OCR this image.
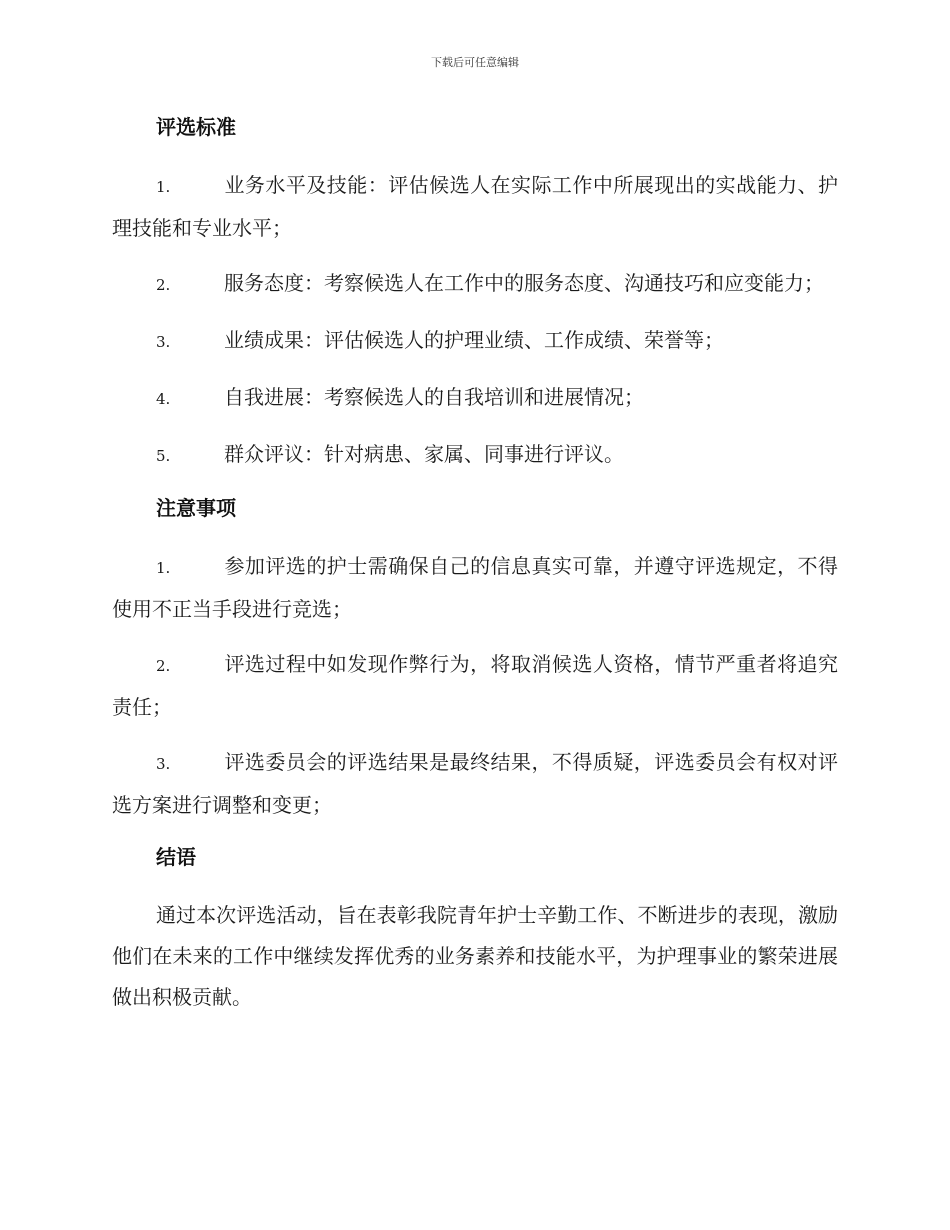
下载后可任意编辑
评选标准
1.	业务水平及技能：评估候选人在实际工作中所展现出的实战能力、护理技能和专业水平；
2.	服务态度：考察候选人在工作中的服务态度、沟通技巧和应变能力；
3.	业绩成果：评估候选人的护理业绩、工作成绩、荣誉等；
4.	自我进展：考察候选人的自我培训和进展情况；
5.	群众评议：针对病患、家属、同事进行评议。
注意事项
1.	参加评选的护士需确保自己的信息真实可靠，并遵守评选规定，不得使用不正当手段进行竞选；
2.	评选过程中如发现作弊行为，将取消候选人资格，情节严重者将追究责任；
3.	评选委员会的评选结果是最终结果，不得质疑，评选委员会有权对评选方案进行调整和变更；
结语
通过本次评选活动，旨在表彰我院青年护士辛勤工作、不断进步的表现，激励他们在未来的工作中继续发挥优秀的业务素养和技能水平，为护理事业的繁荣进展做出积极贡献。
